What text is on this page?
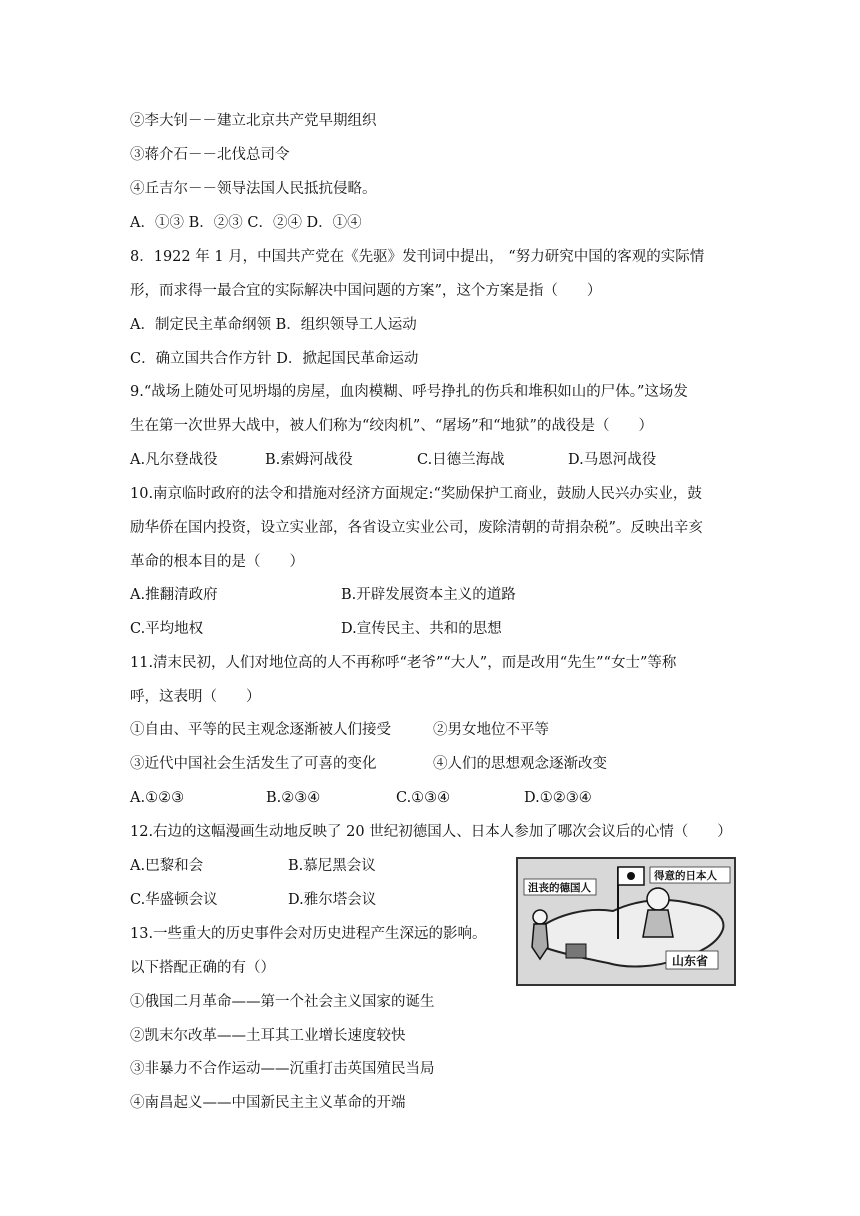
②李大钊－－建立北京共产党早期组织
③蒋介石－－北伐总司令
④丘吉尔－－领导法国人民抵抗侵略。
A．①③ B．②③ C．②④ D．①④
8．1922 年 1 月，中国共产党在《先驱》发刊词中提出， “努力研究中国的客观的实际情
形，而求得一最合宜的实际解决中国问题的方案”，这个方案是指（　　）
A．制定民主革命纲领 B．组织领导工人运动
C．确立国共合作方针 D．掀起国民革命运动
9.“战场上随处可见坍塌的房屋，血肉模糊、呼号挣扎的伤兵和堆积如山的尸体。”这场发
生在第一次世界大战中，被人们称为“绞肉机”、“屠场”和“地狱”的战役是（　　）
A.凡尔登战役	B.索姆河战役	C.日德兰海战	D.马恩河战役
10.南京临时政府的法令和措施对经济方面规定:“奖励保护工商业，鼓励人民兴办实业，鼓
励华侨在国内投资，设立实业部，各省设立实业公司，废除清朝的苛捐杂税”。反映出辛亥
革命的根本目的是（　　）
A.推翻清政府	B.开辟发展资本主义的道路
C.平均地权	D.宣传民主、共和的思想
11.清末民初，人们对地位高的人不再称呼“老爷”“大人”，而是改用“先生”“女士”等称
呼，这表明（　　）
①自由、平等的民主观念逐渐被人们接受	②男女地位不平等
③近代中国社会生活发生了可喜的变化	④人们的思想观念逐渐改变
A.①②③	B.②③④	C.①③④	D.①②③④
12.右边的这幅漫画生动地反映了 20 世纪初德国人、日本人参加了哪次会议后的心情（　　）
A.巴黎和会	B.慕尼黑会议
C.华盛顿会议	D.雅尔塔会议
沮丧的德国人
得意的日本人
山东省
13.一些重大的历史事件会对历史进程产生深远的影响。
以下搭配正确的有（）
①俄国二月革命——第一个社会主义国家的诞生
②凯末尔改革——土耳其工业增长速度较快
③非暴力不合作运动——沉重打击英国殖民当局
④南昌起义——中国新民主主义革命的开端
